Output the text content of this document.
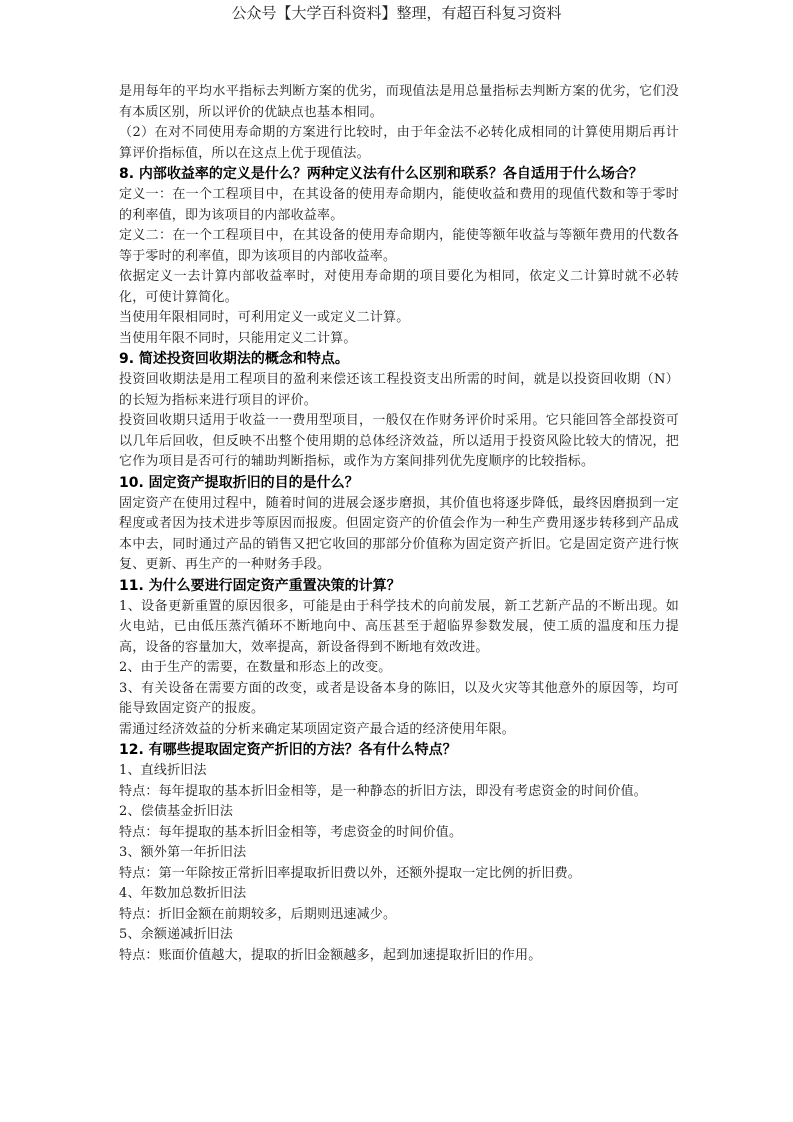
公众号【大学百科资料】整理，有超百科复习资料

是用每年的平均水平指标去判断方案的优劣，而现值法是用总量指标去判断方案的优劣，它们没有本质区别，所以评价的优缺点也基本相同。

（2）在对不同使用寿命期的方案进行比较时，由于年金法不必转化成相同的计算使用期后再计算评价指标值，所以在这点上优于现值法。

8. 内部收益率的定义是什么？两种定义法有什么区别和联系？各自适用于什么场合？

定义一：在一个工程项目中，在其设备的使用寿命期内，能使收益和费用的现值代数和等于零时的利率值，即为该项目的内部收益率。

定义二：在一个工程项目中，在其设备的使用寿命期内，能使等额年收益与等额年费用的代数各等于零时的利率值，即为该项目的内部收益率。

依据定义一去计算内部收益率时，对使用寿命期的项目要化为相同，依定义二计算时就不必转化，可使计算简化。

当使用年限相同时，可利用定义一或定义二计算。

当使用年限不同时，只能用定义二计算。

9. 简述投资回收期法的概念和特点。

投资回收期法是用工程项目的盈利来偿还该工程投资支出所需的时间，就是以投资回收期（N）的长短为指标来进行项目的评价。

投资回收期只适用于收益一一费用型项目，一般仅在作财务评价时采用。它只能回答全部投资可以几年后回收，但反映不出整个使用期的总体经济效益，所以适用于投资风险比较大的情况，把它作为项目是否可行的辅助判断指标，或作为方案间排列优先度顺序的比较指标。

10. 固定资产提取折旧的目的是什么？

固定资产在使用过程中，随着时间的进展会逐步磨损，其价值也将逐步降低，最终因磨损到一定程度或者因为技术进步等原因而报废。但固定资产的价值会作为一种生产费用逐步转移到产品成本中去，同时通过产品的销售又把它收回的那部分价值称为固定资产折旧。它是固定资产进行恢复、更新、再生产的一种财务手段。

11. 为什么要进行固定资产重置决策的计算？

1、设备更新重置的原因很多，可能是由于科学技术的向前发展，新工艺新产品的不断出现。如火电站，已由低压蒸汽循环不断地向中、高压甚至于超临界参数发展，使工质的温度和压力提高，设备的容量加大，效率提高，新设备得到不断地有效改进。

2、由于生产的需要，在数量和形态上的改变。

3、有关设备在需要方面的改变，或者是设备本身的陈旧，以及火灾等其他意外的原因等，均可能导致固定资产的报废。

需通过经济效益的分析来确定某项固定资产最合适的经济使用年限。

12. 有哪些提取固定资产折旧的方法？各有什么特点？

1、直线折旧法

特点：每年提取的基本折旧金相等，是一种静态的折旧方法，即没有考虑资金的时间价值。

2、偿债基金折旧法

特点：每年提取的基本折旧金相等，考虑资金的时间价值。

3、额外第一年折旧法

特点：第一年除按正常折旧率提取折旧费以外，还额外提取一定比例的折旧费。

4、年数加总数折旧法

特点：折旧金额在前期较多，后期则迅速减少。

5、余额递减折旧法

特点：账面价值越大，提取的折旧金额越多，起到加速提取折旧的作用。
